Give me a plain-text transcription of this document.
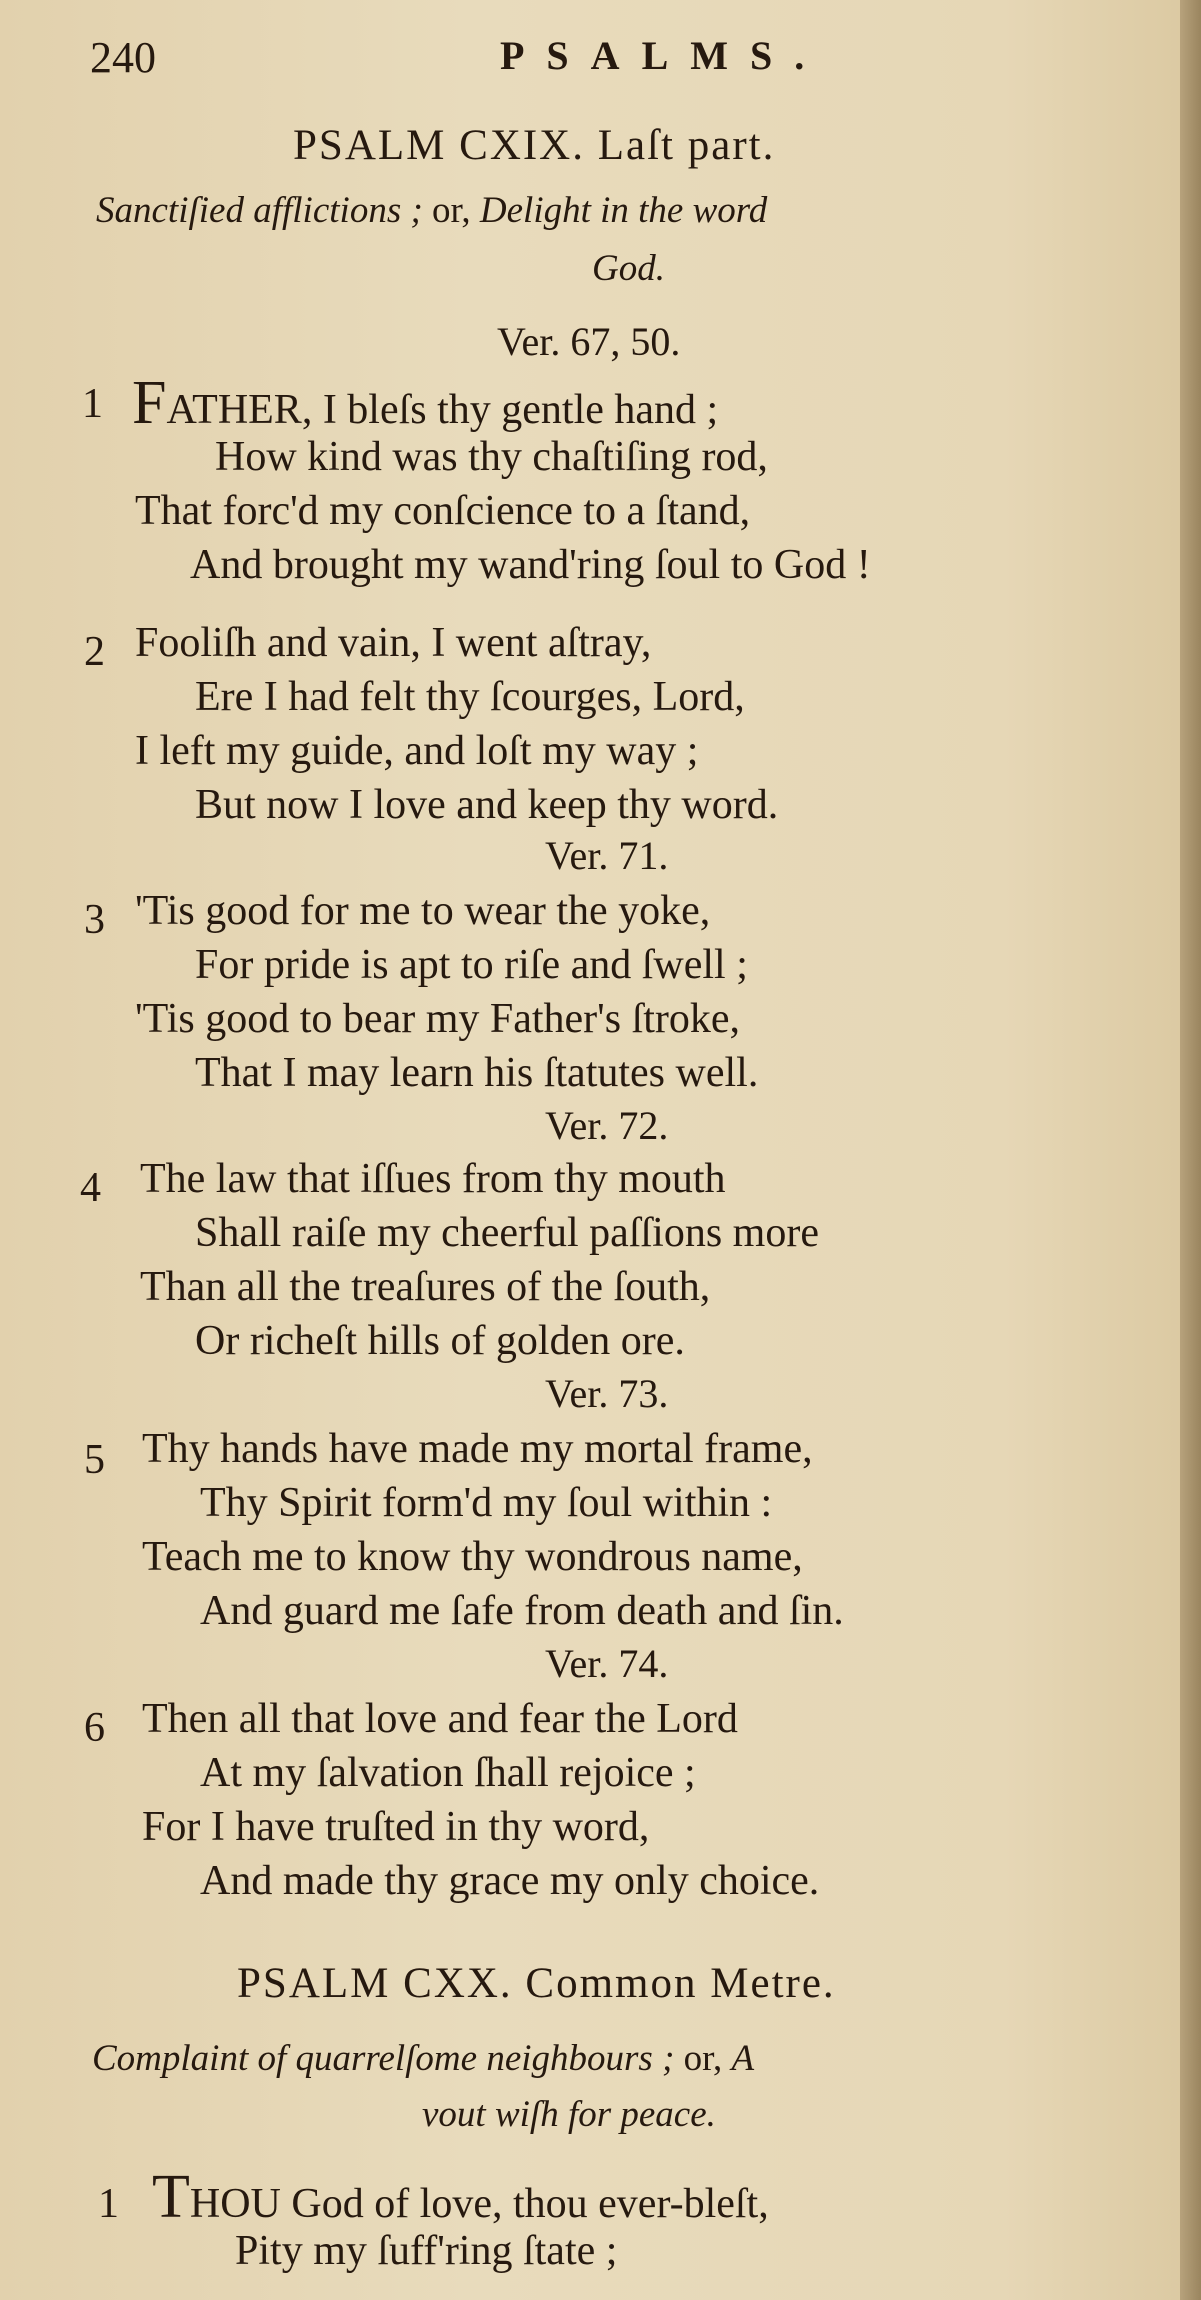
240	PSALMS.
PSALM CXIX. Laſt part.
Sanctiſied afflictions ; or, Delight in the word
God.
Ver. 67, 50.
1 FATHER, I bleſs thy gentle hand ;
How kind was thy chaſtiſing rod,
That forc'd my conſcience to a ſtand,
And brought my wand'ring ſoul to God !
2 Fooliſh and vain, I went aſtray,
Ere I had felt thy ſcourges, Lord,
I left my guide, and loſt my way ;
But now I love and keep thy word.
Ver. 71.
3 'Tis good for me to wear the yoke,
For pride is apt to riſe and ſwell ;
'Tis good to bear my Father's ſtroke,
That I may learn his ſtatutes well.
Ver. 72.
4 The law that iſſues from thy mouth
Shall raiſe my cheerful paſſions more
Than all the treaſures of the ſouth,
Or richeſt hills of golden ore.
Ver. 73.
5 Thy hands have made my mortal frame,
Thy Spirit form'd my ſoul within :
Teach me to know thy wondrous name,
And guard me ſafe from death and ſin.
Ver. 74.
6 Then all that love and fear the Lord
At my ſalvation ſhall rejoice ;
For I have truſted in thy word,
And made thy grace my only choice.
PSALM CXX. Common Metre.
Complaint of quarrelſome neighbours ; or, A
vout wiſh for peace.
1 THOU God of love, thou ever-bleſt,
Pity my ſuff'ring ſtate ;
